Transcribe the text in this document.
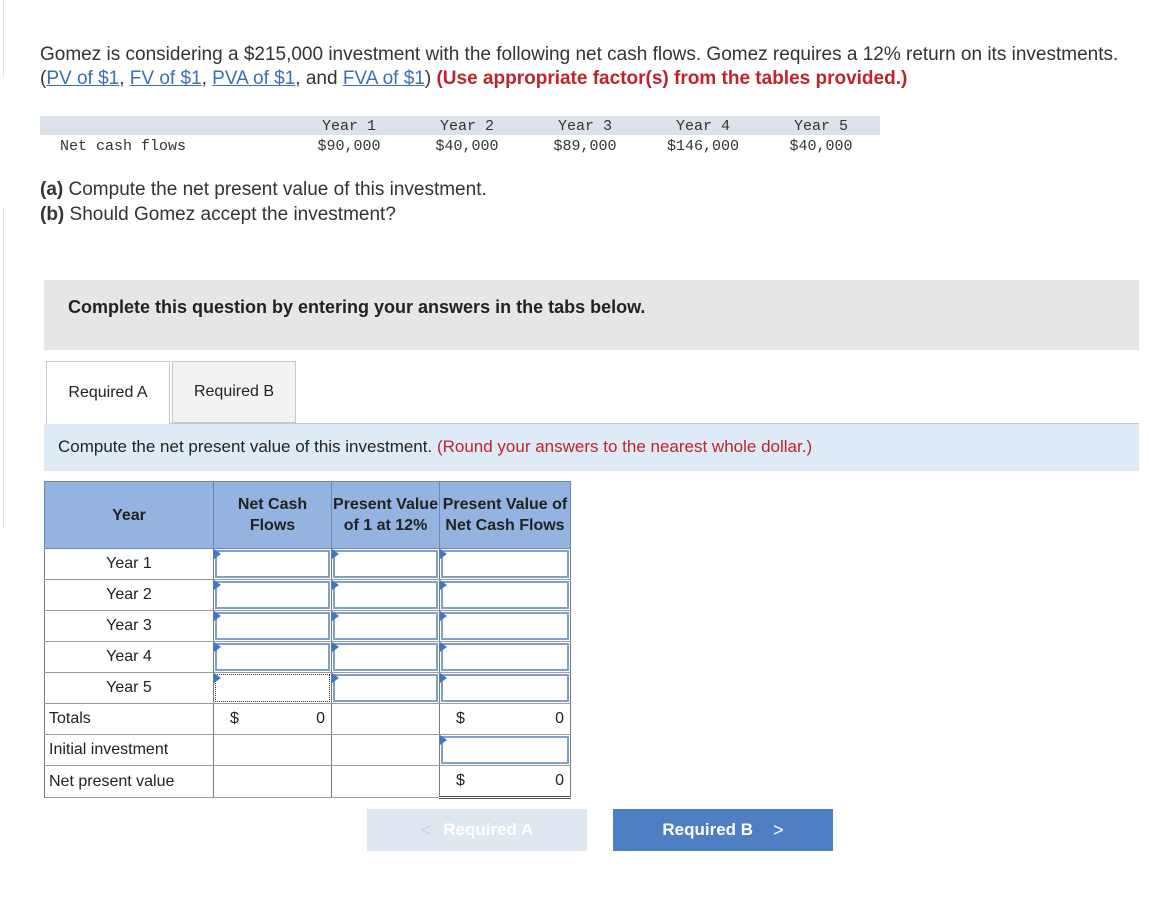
Gomez is considering a $215,000 investment with the following net cash flows. Gomez requires a 12% return on its investments. (PV of $1, FV of $1, PVA of $1, and FVA of $1) (Use appropriate factor(s) from the tables provided.)
Net cash flows
Year 1	Year 2	Year 3	Year 4	Year 5
$90,000	$40,000	$89,000	$146,000	$40,000
(a) Compute the net present value of this investment.
(b) Should Gomez accept the investment?
Complete this question by entering your answers in the tabs below.
Required A	Required B
Compute the net present value of this investment. (Round your answers to the nearest whole dollar.)
Year	Net Cash Flows	Present Value of 1 at 12%	Present Value of Net Cash Flows
Year 1	

Year 2	

Year 3	

Year 4	

Year 5	

Totals	$ 0		$ 0

Initial investment			

Net present value			$ 0
< Required A	Required B >
